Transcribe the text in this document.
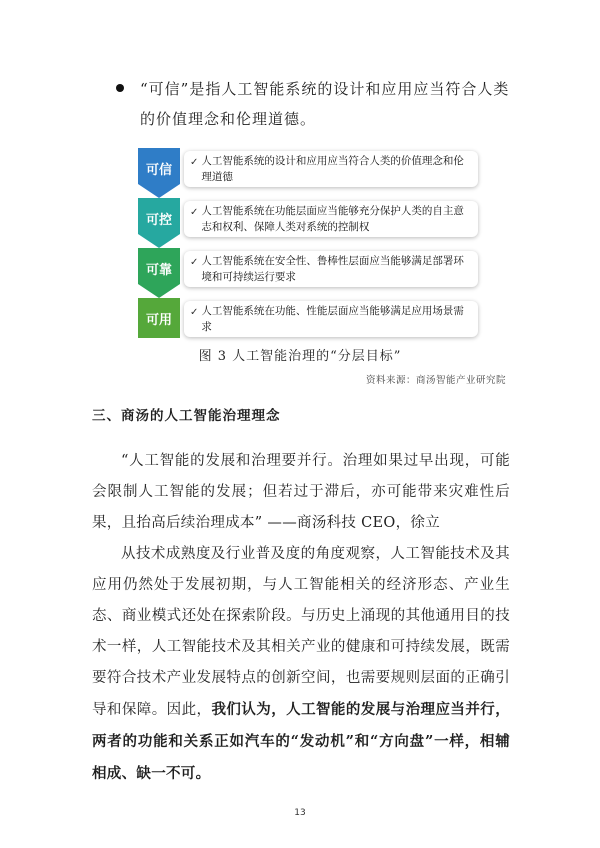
“可信”是指人工智能系统的设计和应用应当符合人类的价值理念和伦理道德。
可信	✓ 人工智能系统的设计和应用应当符合人类的价值理念和伦理道德
可控	✓ 人工智能系统在功能层面应当能够充分保护人类的自主意志和权利、保障人类对系统的控制权
可靠	✓ 人工智能系统在安全性、鲁棒性层面应当能够满足部署环境和可持续运行要求
可用	✓ 人工智能系统在功能、性能层面应当能够满足应用场景需求
图 3 人工智能治理的“分层目标”
资料来源：商汤智能产业研究院
三、商汤的人工智能治理理念
“人工智能的发展和治理要并行。治理如果过早出现，可能会限制人工智能的发展；但若过于滞后，亦可能带来灾难性后果，且抬高后续治理成本” ——商汤科技 CEO，徐立
从技术成熟度及行业普及度的角度观察，人工智能技术及其应用仍然处于发展初期，与人工智能相关的经济形态、产业生态、商业模式还处在探索阶段。与历史上涌现的其他通用目的技术一样，人工智能技术及其相关产业的健康和可持续发展，既需要符合技术产业发展特点的创新空间，也需要规则层面的正确引导和保障。因此，我们认为，人工智能的发展与治理应当并行，两者的功能和关系正如汽车的“发动机”和“方向盘”一样，相辅相成、缺一不可。
13
